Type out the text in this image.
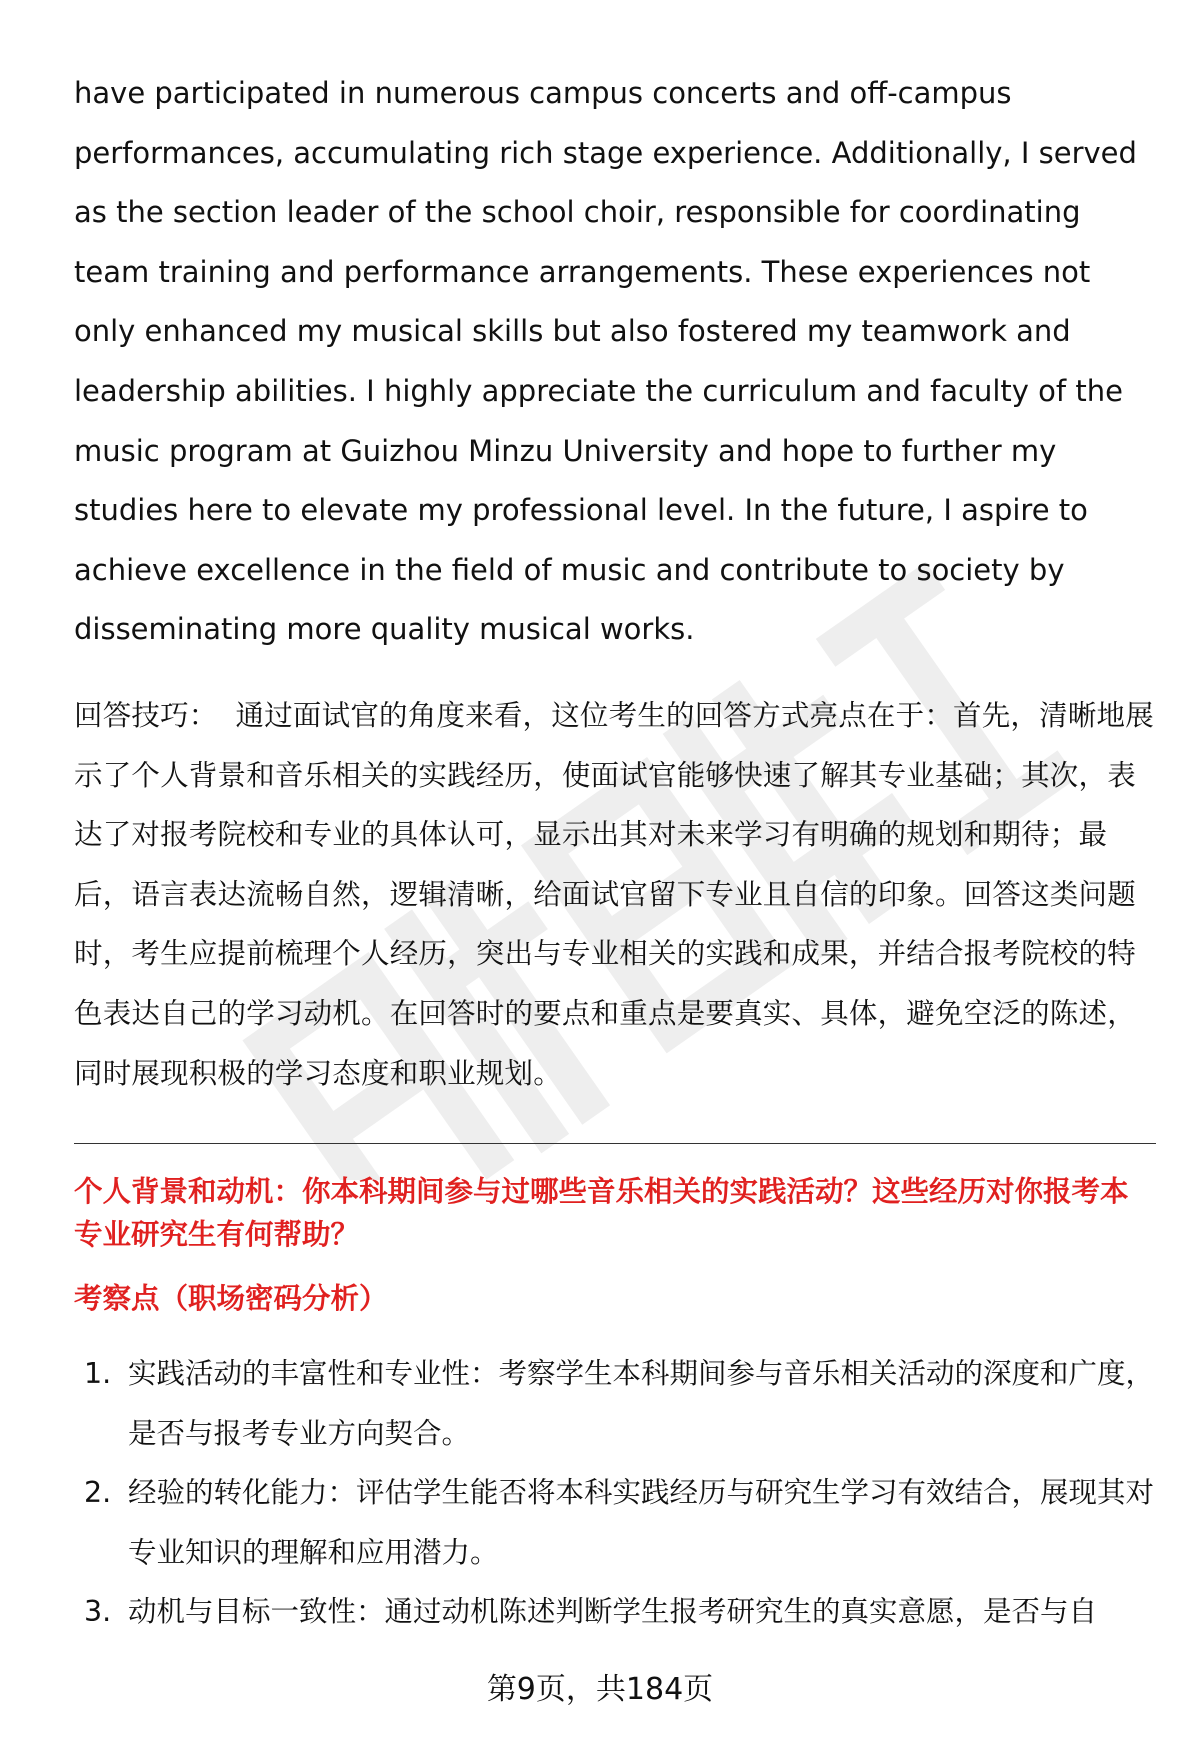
have participated in numerous campus concerts and off-campus performances, accumulating rich stage experience. Additionally, I served as the section leader of the school choir, responsible for coordinating team training and performance arrangements. These experiences not only enhanced my musical skills but also fostered my teamwork and leadership abilities. I highly appreciate the curriculum and faculty of the music program at Guizhou Minzu University and hope to further my studies here to elevate my professional level. In the future, I aspire to achieve excellence in the field of music and contribute to society by disseminating more quality musical works.

回答技巧： 通过面试官的角度来看，这位考生的回答方式亮点在于：首先，清晰地展示了个人背景和音乐相关的实践经历，使面试官能够快速了解其专业基础；其次，表达了对报考院校和专业的具体认可，显示出其对未来学习有明确的规划和期待；最后，语言表达流畅自然，逻辑清晰，给面试官留下专业且自信的印象。回答这类问题时，考生应提前梳理个人经历，突出与专业相关的实践和成果，并结合报考院校的特色表达自己的学习动机。在回答时的要点和重点是要真实、具体，避免空泛的陈述，同时展现积极的学习态度和职业规划。

个人背景和动机：你本科期间参与过哪些音乐相关的实践活动？这些经历对你报考本专业研究生有何帮助？

考察点（职场密码分析）

1. 实践活动的丰富性和专业性：考察学生本科期间参与音乐相关活动的深度和广度，是否与报考专业方向契合。
2. 经验的转化能力：评估学生能否将本科实践经历与研究生学习有效结合，展现其对专业知识的理解和应用潜力。
3. 动机与目标一致性：通过动机陈述判断学生报考研究生的真实意愿，是否与自
第9页，共184页
